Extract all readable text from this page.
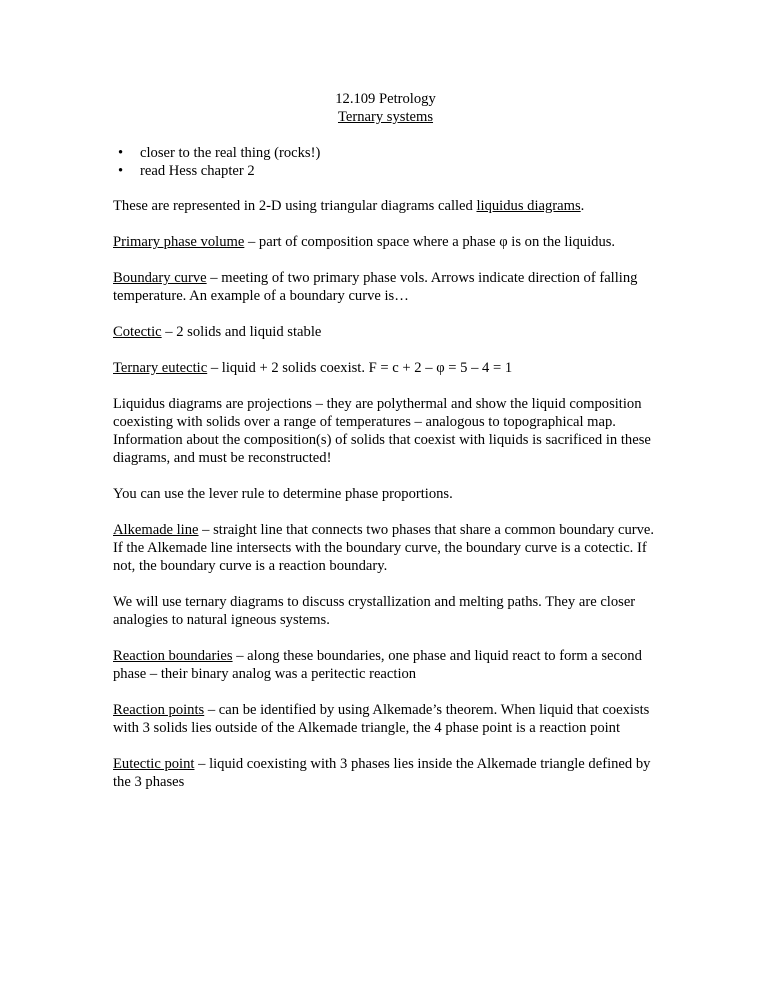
12.109 Petrology
Ternary systems
• closer to the real thing (rocks!)
• read Hess chapter 2

These are represented in 2-D using triangular diagrams called liquidus diagrams.

Primary phase volume – part of composition space where a phase φ is on the liquidus.

Boundary curve – meeting of two primary phase vols. Arrows indicate direction of falling temperature. An example of a boundary curve is…

Cotectic – 2 solids and liquid stable

Ternary eutectic – liquid + 2 solids coexist. F = c + 2 – φ = 5 – 4 = 1

Liquidus diagrams are projections – they are polythermal and show the liquid composition coexisting with solids over a range of temperatures – analogous to topographical map. Information about the composition(s) of solids that coexist with liquids is sacrificed in these diagrams, and must be reconstructed!

You can use the lever rule to determine phase proportions.

Alkemade line – straight line that connects two phases that share a common boundary curve. If the Alkemade line intersects with the boundary curve, the boundary curve is a cotectic. If not, the boundary curve is a reaction boundary.

We will use ternary diagrams to discuss crystallization and melting paths. They are closer analogies to natural igneous systems.

Reaction boundaries – along these boundaries, one phase and liquid react to form a second phase – their binary analog was a peritectic reaction

Reaction points – can be identified by using Alkemade’s theorem. When liquid that coexists with 3 solids lies outside of the Alkemade triangle, the 4 phase point is a reaction point

Eutectic point – liquid coexisting with 3 phases lies inside the Alkemade triangle defined by the 3 phases
